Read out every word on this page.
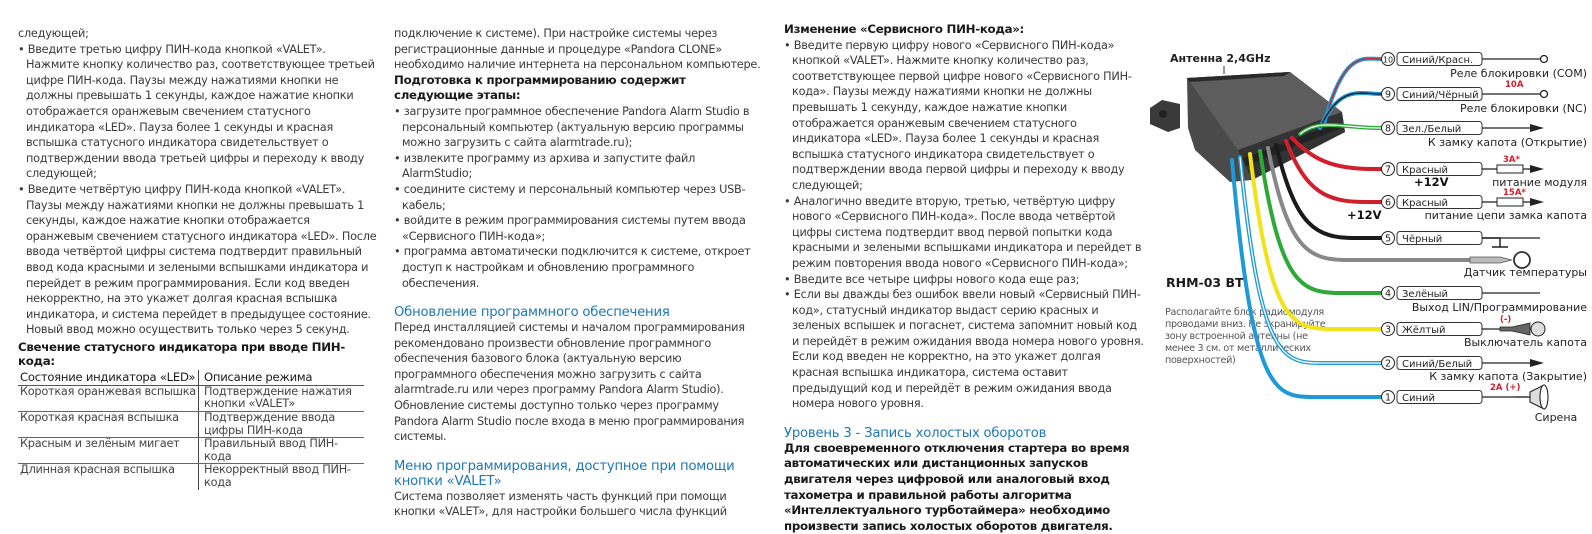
следующей;

• Введите третью цифру ПИН-кода кнопкой «VALET». Нажмите кнопку количество раз, соответствующее третьей цифре ПИН-кода. Паузы между нажатиями кнопки не должны превышать 1 секунды, каждое нажатие кнопки отображается оранжевым свечением статусного индикатора «LED». Пауза более 1 секунды и красная вспышка статусного индикатора свидетельствует о подтверждении ввода третьей цифры и переходу к вводу следующей;

• Введите четвёртую цифру ПИН-кода кнопкой «VALET». Паузы между нажатиями кнопки не должны превышать 1 секунды, каждое нажатие кнопки отображается оранжевым свечением статусного индикатора «LED». После ввода четвёртой цифры система подтвердит правильный ввод кода красными и зелеными вспышками индикатора и перейдет в режим программирования. Если код введен некорректно, на это укажет долгая красная вспышка индикатора, и система перейдет в предыдущее состояние. Новый ввод можно осуществить только через 5 секунд.

Свечение статусного индикатора при вводе ПИН-кода:

Состояние индикатора «LED»	Описание режима
Короткая оранжевая вспышка	Подтверждение нажатия кнопки «VALET»
Короткая красная вспышка	Подтверждение ввода цифры ПИН-кода
Красным и зелёным мигает	Правильный ввод ПИН-кода
Длинная красная вспышка	Некорректный ввод ПИН-кода

подключение к системе). При настройке системы через регистрационные данные и процедуре «Pandora CLONE» необходимо наличие интернета на персональном компьютере.

Подготовка к программированию содержит следующие этапы:

• загрузите программное обеспечение Pandora Alarm Studio в персональный компьютер (актуальную версию программы можно загрузить с сайта alarmtrade.ru);

• извлеките программу из архива и запустите файл AlarmStudio;

• соедините систему и персональный компьютер через USB-кабель;

• войдите в режим программирования системы путем ввода «Сервисного ПИН-кода»;

• программа автоматически подключится к системе, откроет доступ к настройкам и обновлению программного обеспечения.

Обновление программного обеспечения

Перед инсталляцией системы и началом программирования рекомендовано произвести обновление программного обеспечения базового блока (актуальную версию программного обеспечения можно загрузить с сайта alarmtrade.ru или через программу Pandora Alarm Studio). Обновление системы доступно только через программу Pandora Alarm Studio после входа в меню программирования системы.

Меню программирования, доступное при помощи кнопки «VALET»

Система позволяет изменять часть функций при помощи кнопки «VALET», для настройки большего числа функций

Изменение «Сервисного ПИН-кода»:

• Введите первую цифру нового «Сервисного ПИН-кода» кнопкой «VALET». Нажмите кнопку количество раз, соответствующее первой цифре нового «Сервисного ПИН-кода». Паузы между нажатиями кнопки не должны превышать 1 секунду, каждое нажатие кнопки отображается оранжевым свечением статусного индикатора «LED». Пауза более 1 секунды и красная вспышка статусного индикатора свидетельствует о подтверждении ввода первой цифры и переходу к вводу следующей;

• Аналогично введите вторую, третью, четвёртую цифру нового «Сервисного ПИН-кода». После ввода четвёртой цифры система подтвердит ввод первой попытки кода красными и зелеными вспышками индикатора и перейдет в режим повторения ввода нового «Сервисного ПИН-кода»;

• Введите все четыре цифры нового кода еще раз;

• Если вы дважды без ошибок ввели новый «Сервисный ПИН-код», статусный индикатор выдаст серию красных и зеленых вспышек и погаснет, система запомнит новый код и перейдёт в режим ожидания ввода номера нового уровня. Если код введен не корректно, на это укажет долгая красная вспышка индикатора, система оставит предыдущий код и перейдёт в режим ожидания ввода номера нового уровня.

Уровень 3 - Запись холостых оборотов

Для своевременного отключения стартера во время автоматических или дистанционных запусков двигателя через цифровой или аналоговый вход тахометра и правильной работы алгоритма «Интеллектуального турботаймера» необходимо произвести запись холостых оборотов двигателя.

RHM-03 BT
Располагайте блок радиомодуля проводами вниз. Не экранируйте зону встроенной антенны (не менее 3 см. от металлических поверхностей)
Антенна 2,4GHz	10 Синий/Красн.
Реле блокировки (COM)
9 Синий/Чёрный
10A
Реле блокировки (NC)
8 Зел./Белый
К замку капота (Открытие)
7 Красный
3A*
питание модуля
+12V
6 Красный
15A*
питание цепи замка капота
+12V
5 Чёрный
Датчик температуры
4 Зелёный
Выход LIN/Программирование
3 Жёлтый
(-)
Выключатель капота
2 Синий/Белый
К замку капота (Закрытие)
1 Синий
2A (+)
Сирена
